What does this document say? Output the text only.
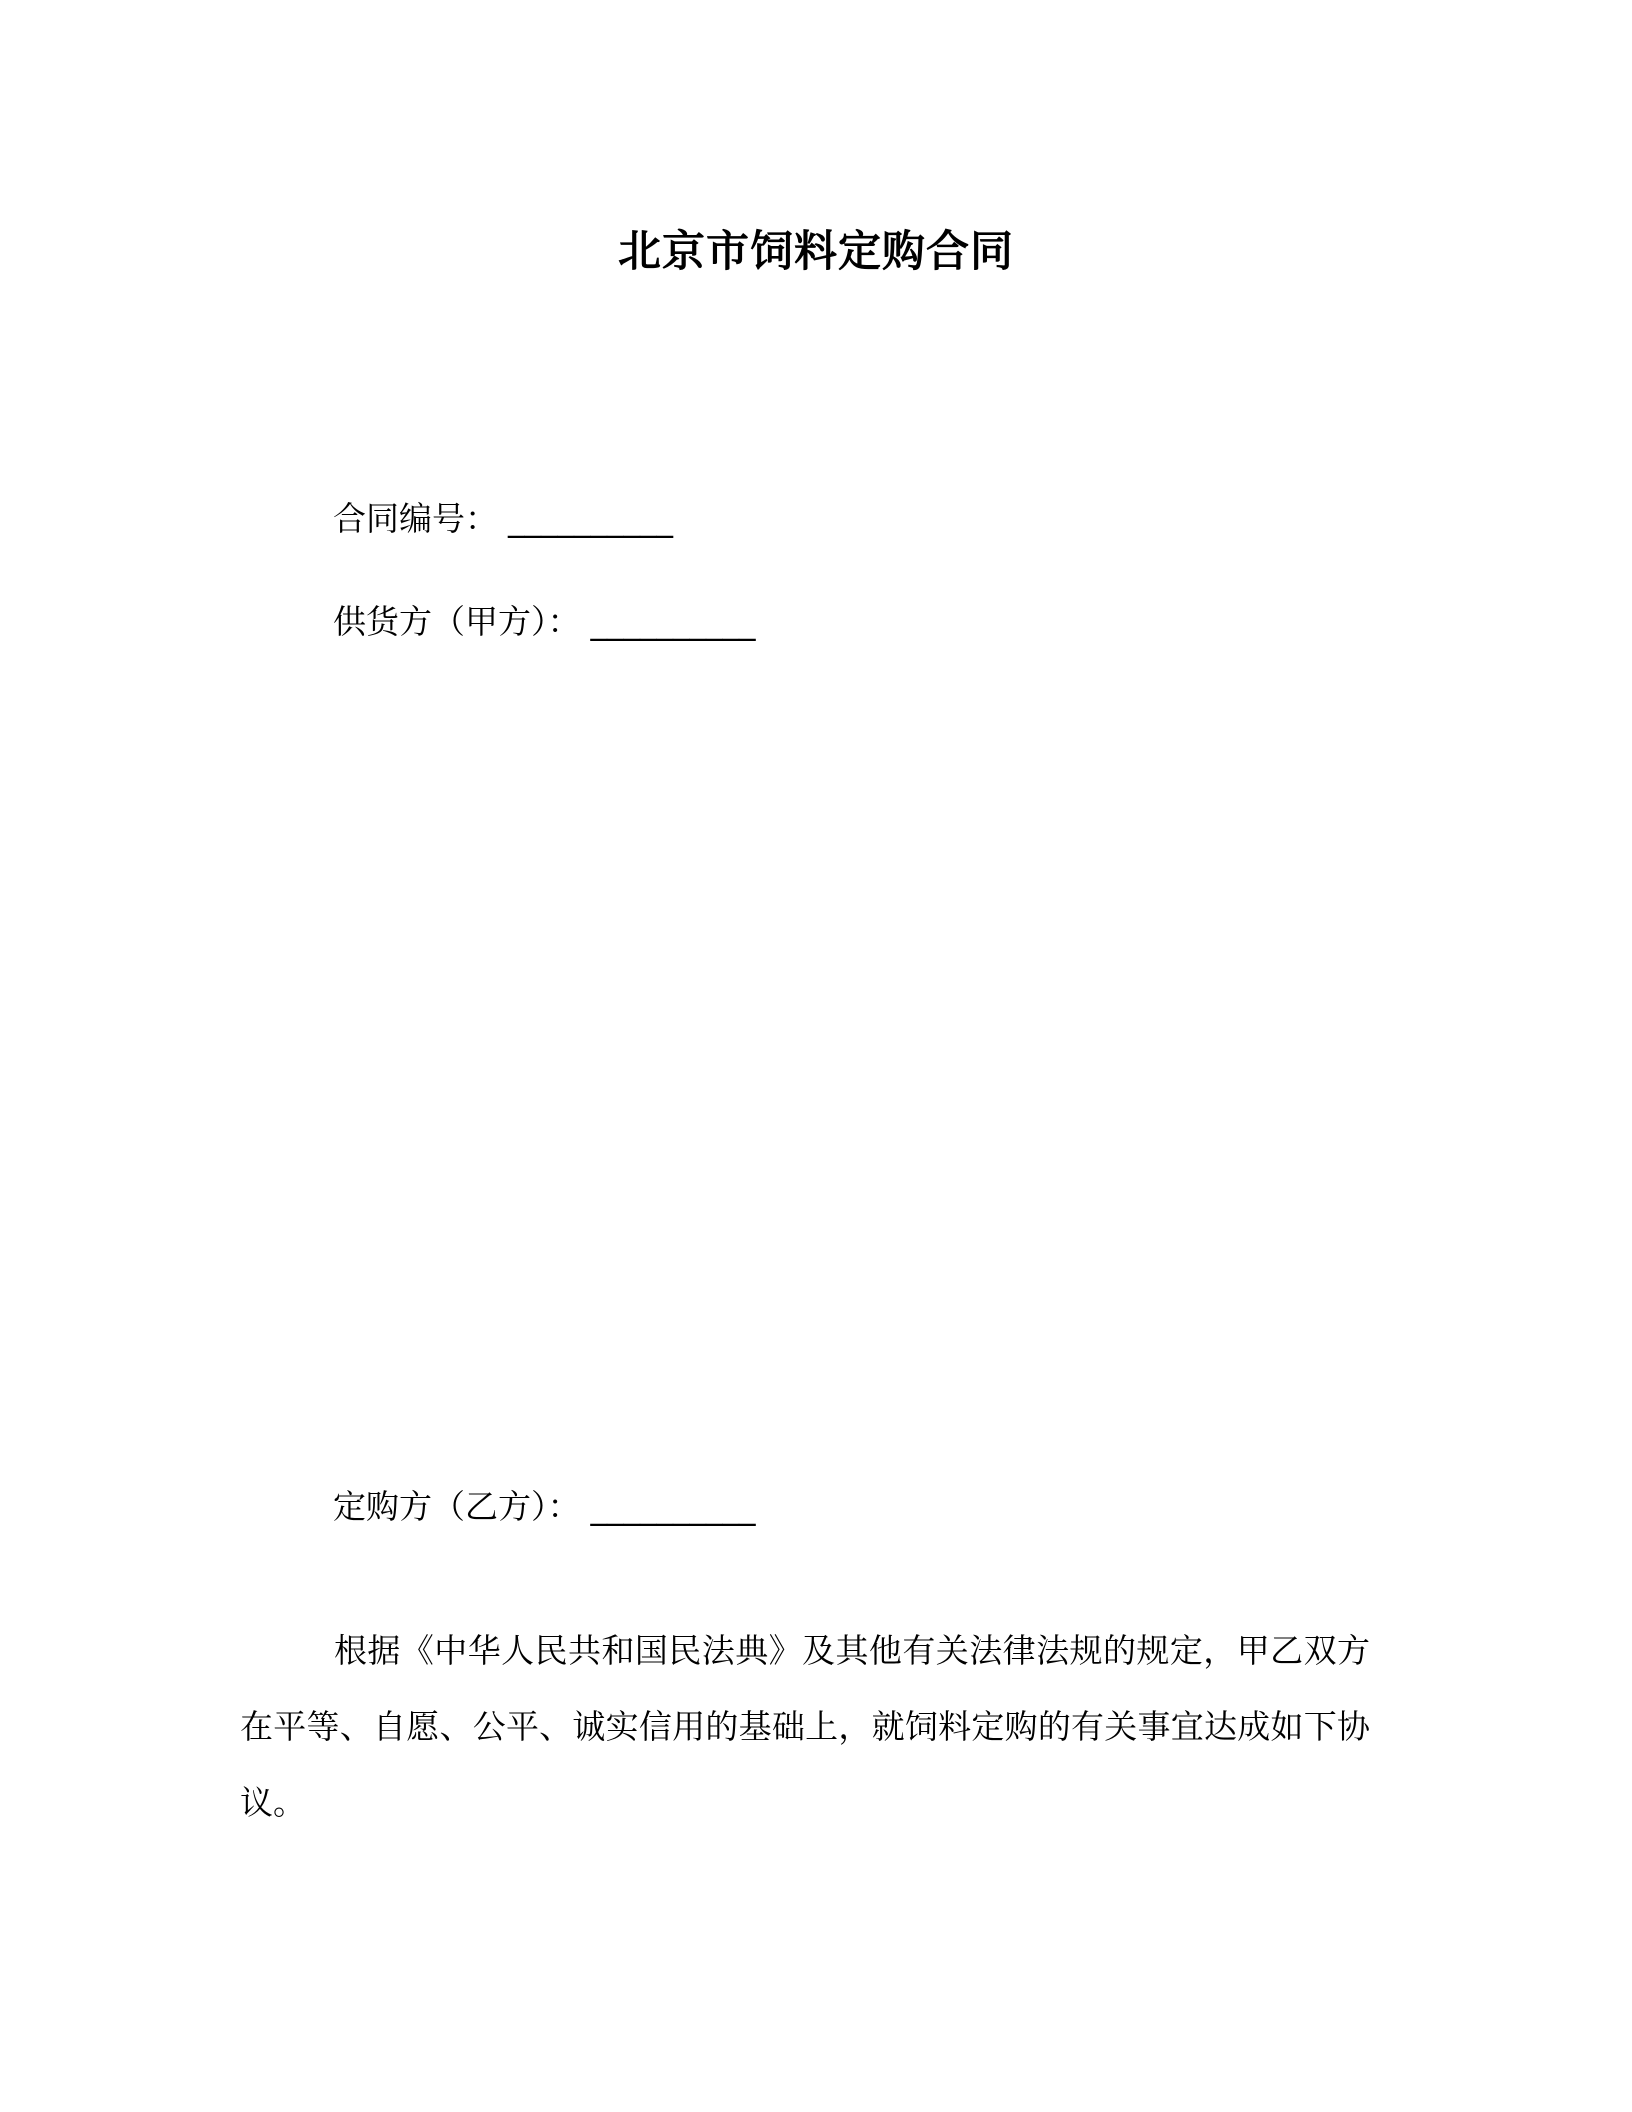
北京市饲料定购合同
合同编号： __________
供货方（甲方）： __________
定购方（乙方）： __________

根据《中华人民共和国民法典》及其他有关法律法规的规定，甲乙双方在平等、自愿、公平、诚实信用的基础上，就饲料定购的有关事宜达成如下协议。
